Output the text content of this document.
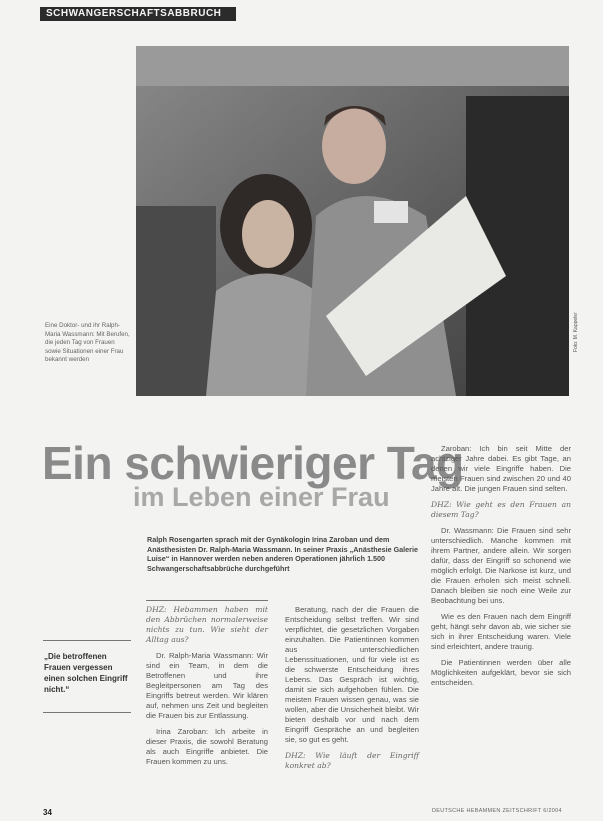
SCHWANGERSCHAFTSABBRUCH
Foto: M. Kappeler
Eine Doktor- und ihr Ralph-Maria Wassmann: Mit Berufen, die jeden Tag von Frauen sowie Situationen einer Frau bekannt werden
Ein schwieriger Tag
im Leben einer Frau
Ralph Rosengarten sprach mit der Gynäkologin Irina Zaroban und dem Anästhesisten Dr. Ralph-Maria Wassmann. In seiner Praxis „Anästhesie Galerie Luise“ in Hannover werden neben anderen Operationen jährlich 1.500 Schwangerschaftsabbrüche durchgeführt
„Die betroffenen Frauen vergessen einen solchen Eingriff nicht.“

DHZ: Hebammen haben mit den Abbrüchen normalerweise nichts zu tun. Wie sieht der Alltag aus?

Dr. Ralph-Maria Wassmann: Wir sind ein Team, in dem die Betroffenen und ihre Begleitpersonen am Tag des Eingriffs betreut werden. Wir klären auf, nehmen uns Zeit und begleiten die Frauen bis zur Entlassung.

Irina Zaroban: Ich arbeite in dieser Praxis, die sowohl Beratung als auch Eingriffe anbietet. Die Frauen kommen zu uns.

Beratung, nach der die Frauen die Entscheidung selbst treffen. Wir sind verpflichtet, die gesetzlichen Vorgaben einzuhalten. Die Patientinnen kommen aus unterschiedlichen Lebenssituationen, und für viele ist es die schwerste Entscheidung ihres Lebens. Das Gespräch ist wichtig, damit sie sich aufgehoben fühlen. Die meisten Frauen wissen genau, was sie wollen, aber die Unsicherheit bleibt. Wir bieten deshalb vor und nach dem Eingriff Gespräche an und begleiten sie, so gut es geht.

DHZ: Wie läuft der Eingriff konkret ab?

Zaroban: Ich bin seit Mitte der achtziger Jahre dabei. Es gibt Tage, an denen wir viele Eingriffe haben. Die meisten Frauen sind zwischen 20 und 40 Jahre alt. Die jungen Frauen sind selten.

DHZ: Wie geht es den Frauen an diesem Tag?

Dr. Wassmann: Die Frauen sind sehr unterschiedlich. Manche kommen mit ihrem Partner, andere allein. Wir sorgen dafür, dass der Eingriff so schonend wie möglich erfolgt. Die Narkose ist kurz, und die Frauen erholen sich meist schnell. Danach bleiben sie noch eine Weile zur Beobachtung bei uns.

Wie es den Frauen nach dem Eingriff geht, hängt sehr davon ab, wie sicher sie sich in ihrer Entscheidung waren. Viele sind erleichtert, andere traurig.

Die Patientinnen werden über alle Möglichkeiten aufgeklärt, bevor sie sich entscheiden.

34	DEUTSCHE HEBAMMEN ZEITSCHRIFT 6/2004
